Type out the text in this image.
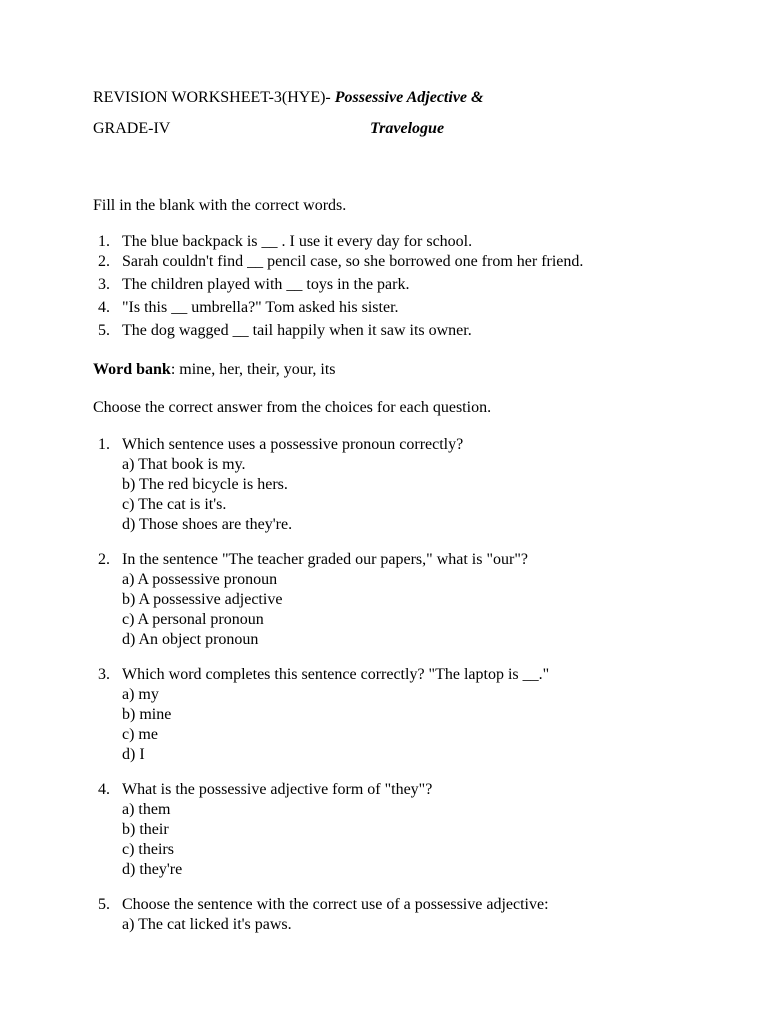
REVISION WORKSHEET-3(HYE)- Possessive Adjective &
GRADE-IV	Travelogue
Fill in the blank with the correct words.
1. The blue backpack is __ . I use it every day for school.
2. Sarah couldn't find __ pencil case, so she borrowed one from her friend.
3. The children played with __ toys in the park.
4. "Is this __ umbrella?" Tom asked his sister.
5. The dog wagged __ tail happily when it saw its owner.
Word bank: mine, her, their, your, its
Choose the correct answer from the choices for each question.
1. Which sentence uses a possessive pronoun correctly?
a) That book is my.
b) The red bicycle is hers.
c) The cat is it's.
d) Those shoes are they're.
2. In the sentence "The teacher graded our papers," what is "our"?
a) A possessive pronoun
b) A possessive adjective
c) A personal pronoun
d) An object pronoun
3. Which word completes this sentence correctly? "The laptop is __."
a) my
b) mine
c) me
d) I
4. What is the possessive adjective form of "they"?
a) them
b) their
c) theirs
d) they're
5. Choose the sentence with the correct use of a possessive adjective:
a) The cat licked it's paws.
